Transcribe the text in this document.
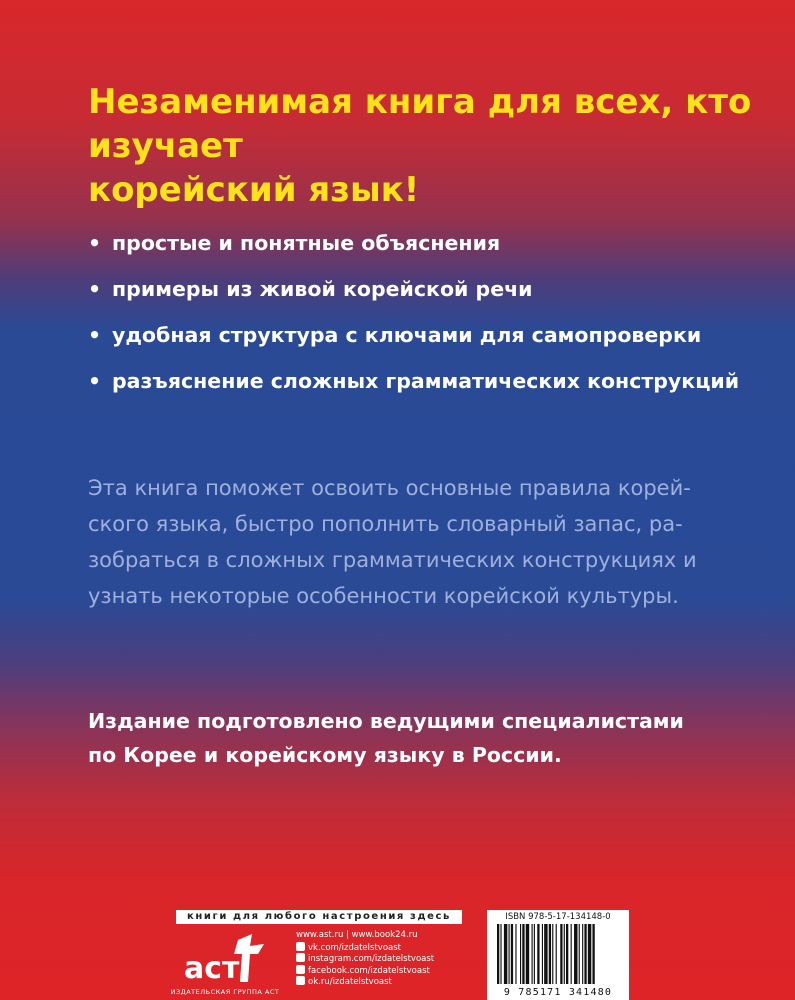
Незаменимая книга для всех, кто изучает
корейский язык!
• простые и понятные объяснения
• примеры из живой корейской речи
• удобная структура с ключами для самопроверки
• разъяснение сложных грамматических конструкций
Эта книга поможет освоить основные правила корей-
ского языка, быстро пополнить словарный запас, ра-
зобраться в сложных грамматических конструкциях и
узнать некоторые особенности корейской культуры.
Издание подготовлено ведущими специалистами
по Корее и корейскому языку в России.
книги для любого настроения здесь
аст
ИЗДАТЕЛЬСКАЯ ГРУППА АСТ
www.ast.ru | www.book24.ru
vk.com/izdatelstvoast
instagram.com/izdatelstvoast
facebook.com/izdatelstvoast
ok.ru/izdatelstvoast
ISBN 978-5-17-134148-0
9 785171 341480
